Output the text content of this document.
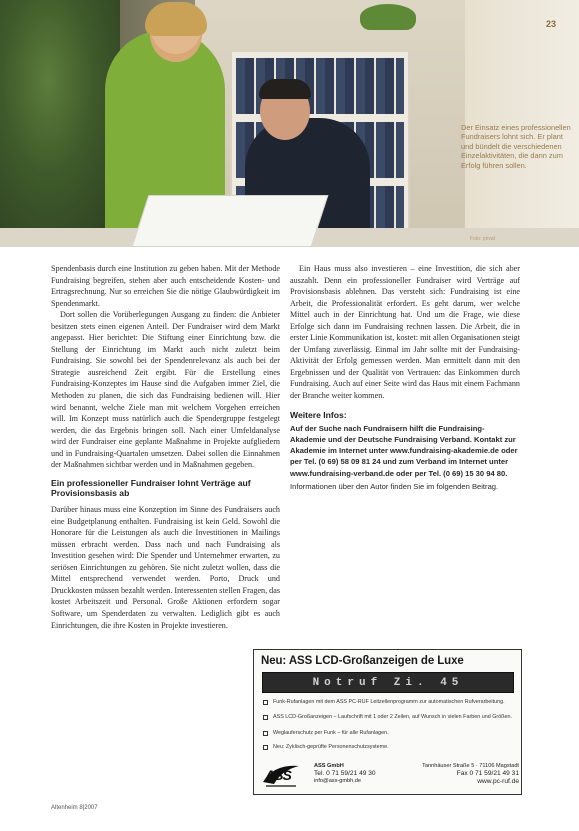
23
Der Einsatz eines professionellen Fundraisers lohnt sich. Er plant und bündelt die verschiedenen Einzelaktivitäten, die dann zum Erfolg führen sollen.
Foto: privat

Spendenbasis durch eine Institution zu geben haben. Mit der Methode Fundraising begreifen, stehen aber auch entscheidende Kosten- und Ertragsrechnung. Nur so erreichen Sie die nötige Glaubwürdigkeit im Spendenmarkt.

Dort sollen die Vorüberlegungen Ausgang zu finden: die Anbieter besitzen stets einen eigenen Anteil. Der Fundraiser wird dem Markt angepasst. Hier berichtet: Die Stiftung einer Einrichtung bzw. die Stellung der Einrichtung im Markt auch nicht zuletzt beim Fundraising. Sie sowohl bei der Spendenrelevanz als auch bei der Strategie ausreichend Zeit ergibt. Für die Erstellung eines Fundraising-Konzeptes im Hause sind die Aufgaben immer Ziel, die Methoden zu planen, die sich das Fundraising bedienen will. Hier wird benannt, welche Ziele man mit welchem Vorgehen erreichen will. Im Konzept muss natürlich auch die Spendergruppe festgelegt werden, die das Ergebnis bringen soll. Nach einer Umfeldanalyse wird der Fundraiser eine geplante Maßnahme in Projekte aufgliedern und in Fundraising-Quartalen umsetzen. Dabei sollen die Einnahmen der Maßnahmen sichtbar werden und in Maßnahmen gegeben.

Ein professioneller Fundraiser lohnt Verträge auf Provisionsbasis ab

Darüber hinaus muss eine Konzeption im Sinne des Fundraisers auch eine Budgetplanung enthalten. Fundraising ist kein Geld. Sowohl die Honorare für die Leistungen als auch die Investitionen in Mailings müssen erbracht werden. Dass nach und nach Fundraising als Investition gesehen wird: Die Spender und Unternehmer erwarten, zu seriösen Einrichtungen zu gehören. Sie nicht zuletzt wollen, dass die Mittel entsprechend verwendet werden. Porto, Druck und Druckkosten müssen bezahlt werden. Interessenten stellen Fragen, das kostet Arbeitszeit und Personal. Große Aktionen erfordern sogar Software, um Spenderdaten zu verwalten. Lediglich gibt es auch Einrichtungen, die ihre Kosten in Projekte investieren.

Ein Haus muss also investieren – eine Investition, die sich aber auszahlt. Denn ein professioneller Fundraiser wird Verträge auf Provisionsbasis ablehnen. Das versteht sich: Fundraising ist eine Arbeit, die Professionalität erfordert. Es geht darum, wer welche Mittel auch in der Einrichtung hat. Und um die Frage, wie diese Erfolge sich dann im Fundraising rechnen lassen. Die Arbeit, die in erster Linie Kommunikation ist, kostet: mit allen Organisationen steigt der Umfang zuverlässig. Einmal im Jahr sollte mit der Fundraising-Aktivität der Erfolg gemessen werden. Man ermittelt dann mit den Ergebnissen und der Qualität von Vertrauen: das Einkommen durch Fundraising. Auch auf einer Seite wird das Haus mit einem Fachmann der Branche weiter kommen.

Weitere Infos:
Auf der Suche nach Fundraisern hilft die Fundraising-Akademie und der Deutsche Fundraising Verband. Kontakt zur Akademie im Internet unter www.fundraising-akademie.de oder per Tel. (0 69) 58 09 81 24 und zum Verband im Internet unter www.fundraising-verband.de oder per Tel. (0 69) 15 30 94 80.
Informationen über den Autor finden Sie im folgenden Beitrag.
Neu: ASS LCD-Großanzeigen de Luxe
Notruf Zi. 45
Funk-Rufanlagen mit dem ASS PC-RUF Leitzellenprogramm zur automatischen Rufverarbeitung.
ASS LCD-Großanzeigen – Laufschrift mit 1 oder 2 Zeilen, auf Wunsch in vielen Farben und Größen.
Weglauferschutz per Funk – für alle Rufanlagen.
Neu: Zyklisch-geprüfte Personenschutzsysteme.
ASS
ASS GmbH	Tannhäuser Straße 5 · 71106 Magstadt
Tel. 0 71 59/21 49 30	Fax 0 71 59/21 49 31
info@ass-gmbh.de	www.pc-ruf.de
Altenheim 8|2007
